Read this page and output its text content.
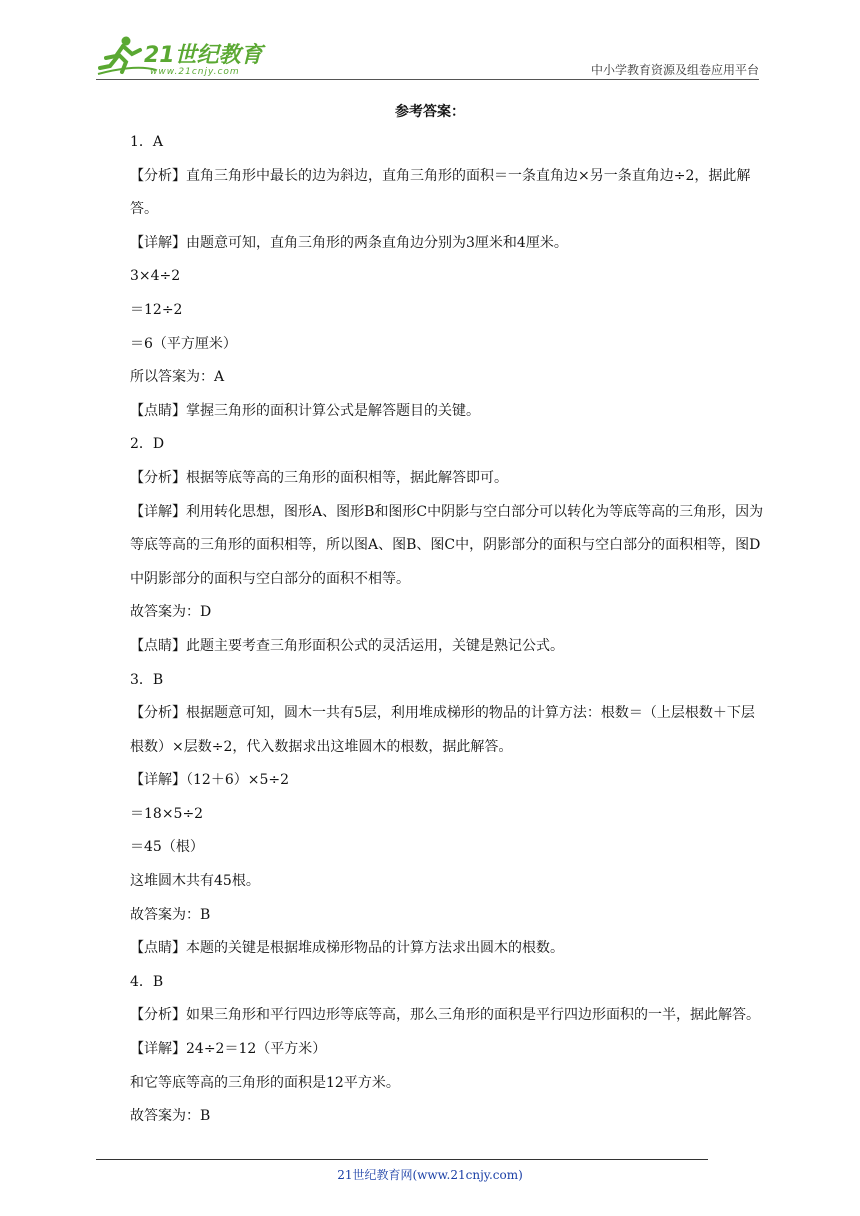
21世纪教育
www.21cnjy.com	中小学教育资源及组卷应用平台
参考答案：

1．A

【分析】直角三角形中最长的边为斜边，直角三角形的面积＝一条直角边×另一条直角边÷2，据此解答。

【详解】由题意可知，直角三角形的两条直角边分别为3厘米和4厘米。

3×4÷2

＝12÷2

＝6（平方厘米）

所以答案为：A

【点睛】掌握三角形的面积计算公式是解答题目的关键。

2．D

【分析】根据等底等高的三角形的面积相等，据此解答即可。

【详解】利用转化思想，图形A、图形B和图形C中阴影与空白部分可以转化为等底等高的三角形，因为等底等高的三角形的面积相等，所以图A、图B、图C中，阴影部分的面积与空白部分的面积相等，图D中阴影部分的面积与空白部分的面积不相等。

故答案为：D

【点睛】此题主要考查三角形面积公式的灵活运用，关键是熟记公式。

3．B

【分析】根据题意可知，圆木一共有5层，利用堆成梯形的物品的计算方法：根数＝（上层根数＋下层根数）×层数÷2，代入数据求出这堆圆木的根数，据此解答。

【详解】（12＋6）×5÷2

＝18×5÷2

＝45（根）

这堆圆木共有45根。

故答案为：B

【点睛】本题的关键是根据堆成梯形物品的计算方法求出圆木的根数。

4．B

【分析】如果三角形和平行四边形等底等高，那么三角形的面积是平行四边形面积的一半，据此解答。

【详解】24÷2＝12（平方米）

和它等底等高的三角形的面积是12平方米。

故答案为：B

21世纪教育网(www.21cnjy.com)
